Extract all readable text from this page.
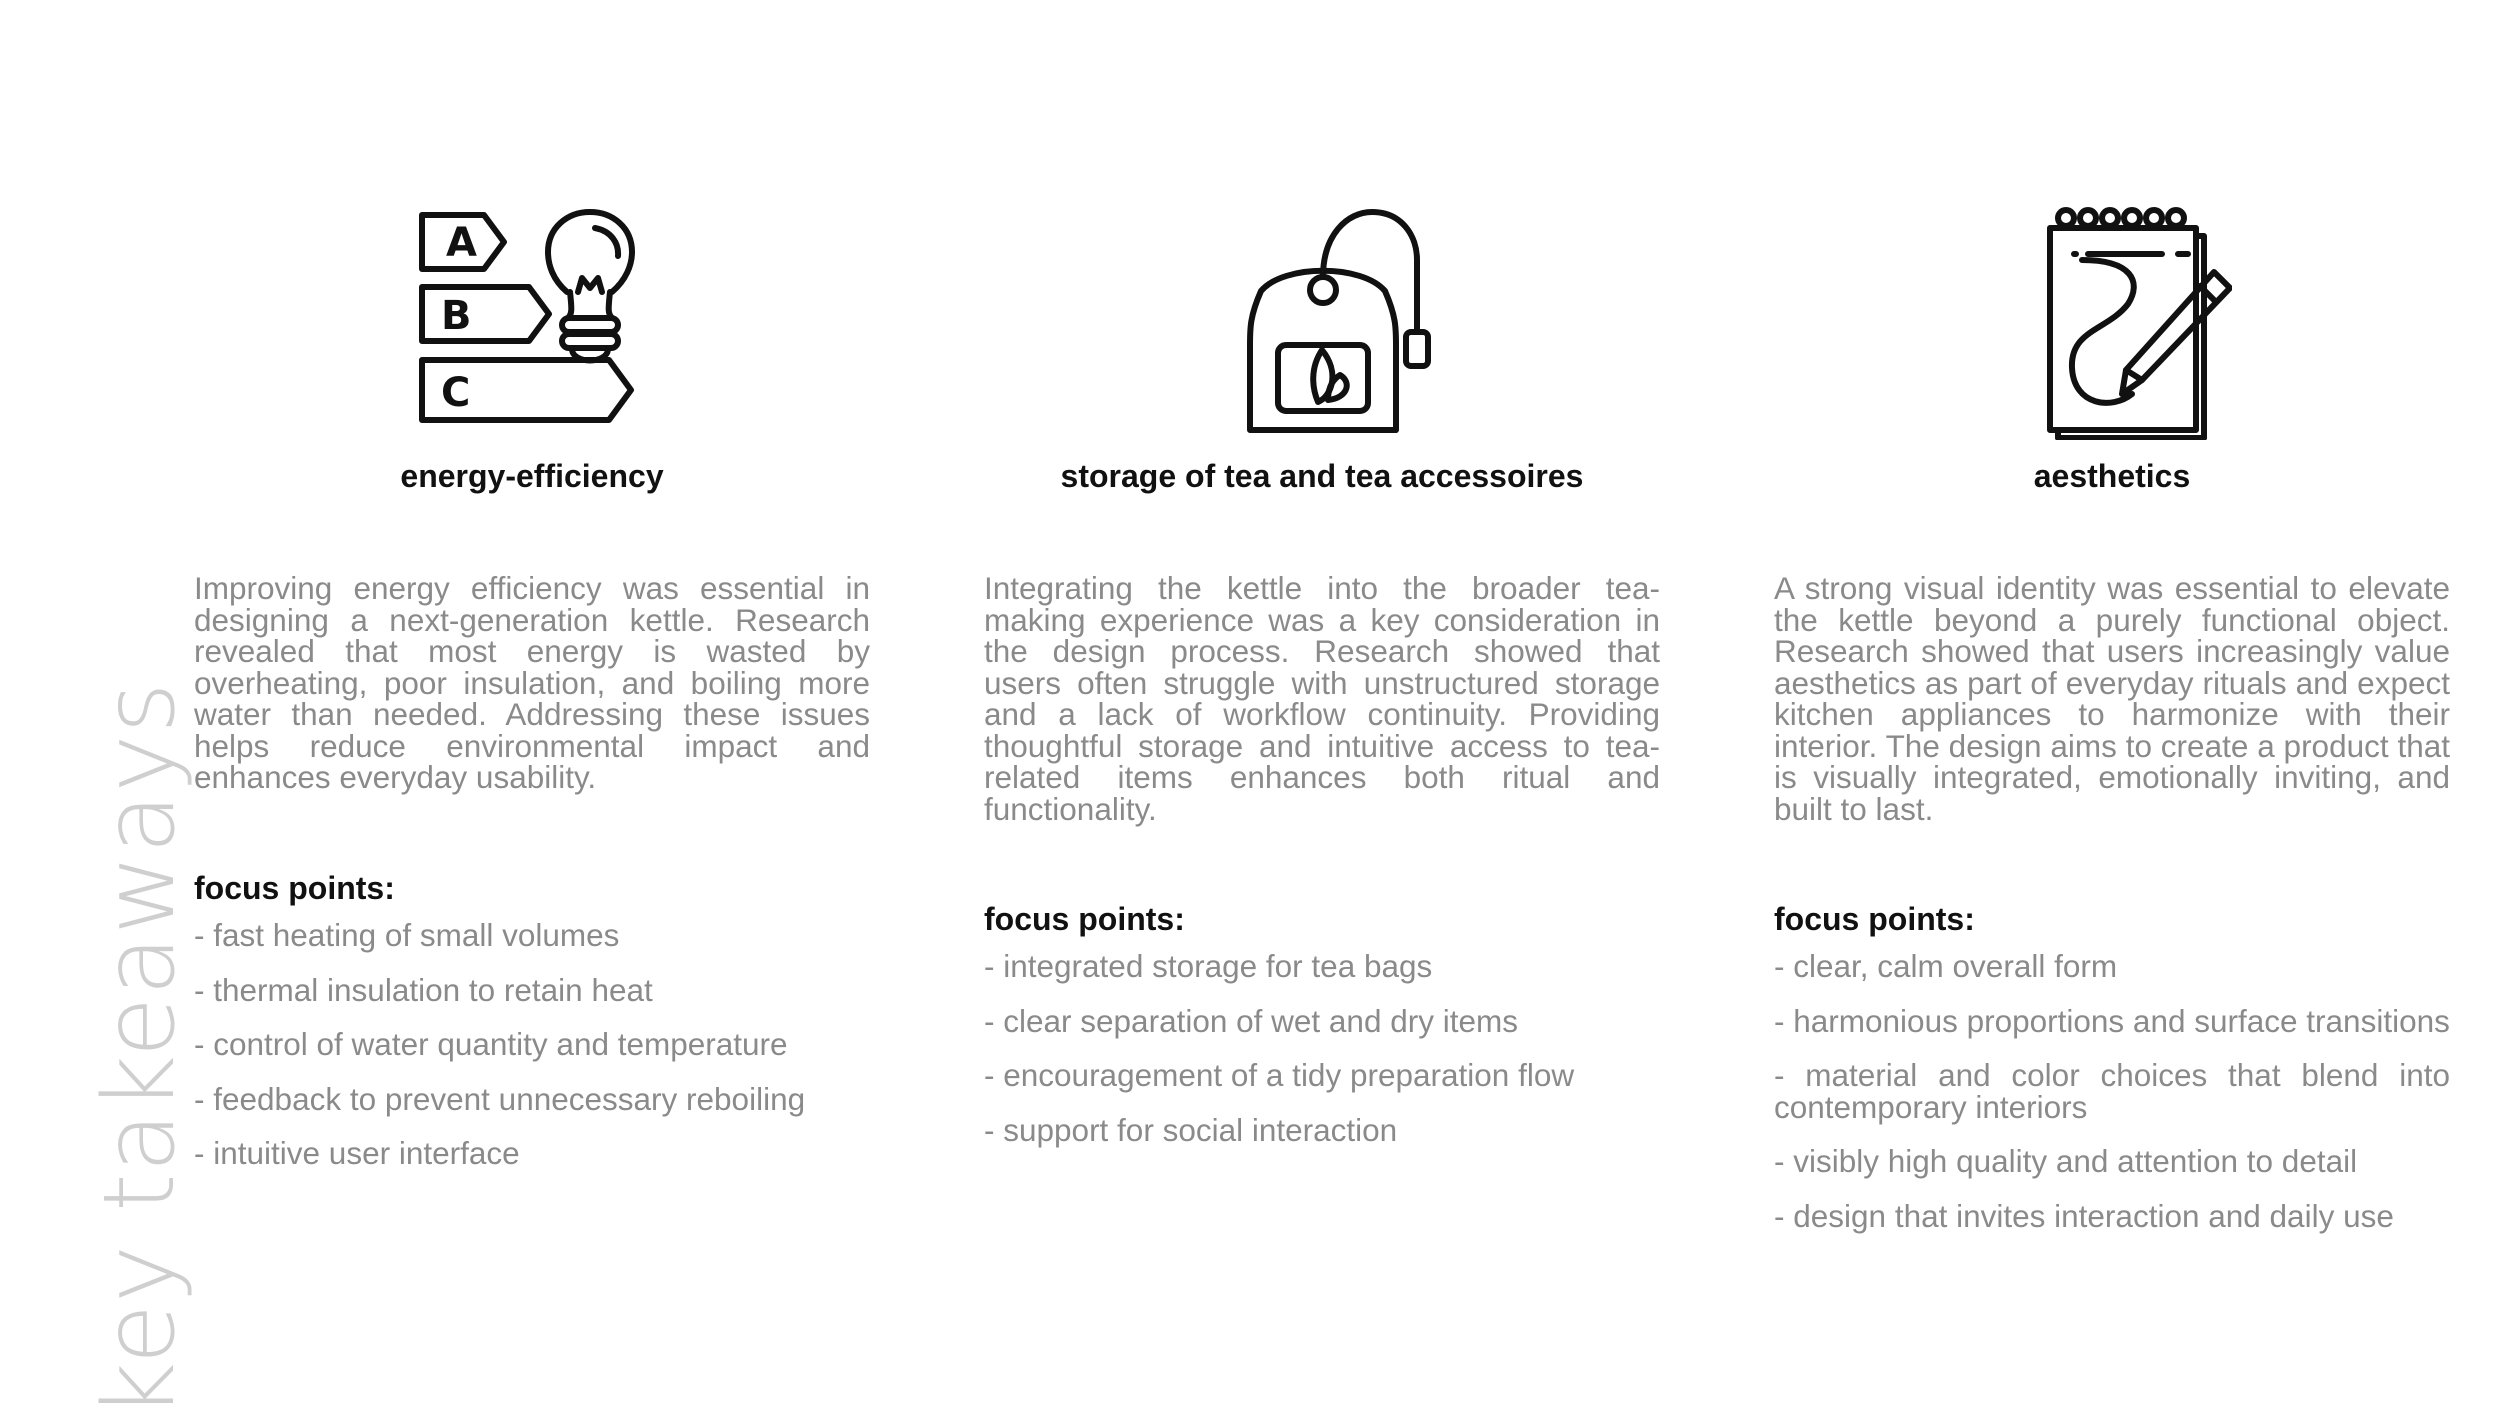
key takeaways
A
B
C
energy-efficiency

Improving energy efficiency was essential in designing a next-generation kettle. Research revealed that most energy is wasted by overheating, poor insulation, and boiling more water than needed. Addressing these issues helps reduce environmental impact and enhances everyday usability.

focus points:
- fast heating of small volumes
- thermal insulation to retain heat
- control of water quantity and temperature
- feedback to prevent unnecessary reboiling
- intuitive user interface
storage of tea and tea accessoires

Integrating the kettle into the broader tea-making experience was a key consideration in the design process. Research showed that users often struggle with unstructured storage and a lack of workflow continuity. Providing thoughtful storage and intuitive access to tea-related items enhances both ritual and functionality.

focus points:
- integrated storage for tea bags
- clear separation of wet and dry items
- encouragement of a tidy preparation flow
- support for social interaction
aesthetics

A strong visual identity was essential to elevate the kettle beyond a purely functional object. Research showed that users increasingly value aesthetics as part of everyday rituals and expect kitchen appliances to harmonize with their interior. The design aims to create a product that is visually integrated, emotionally inviting, and built to last.

focus points:
- clear, calm overall form
- harmonious proportions and surface transitions
- material and color choices that blend into contemporary interiors
- visibly high quality and attention to detail
- design that invites interaction and daily use
